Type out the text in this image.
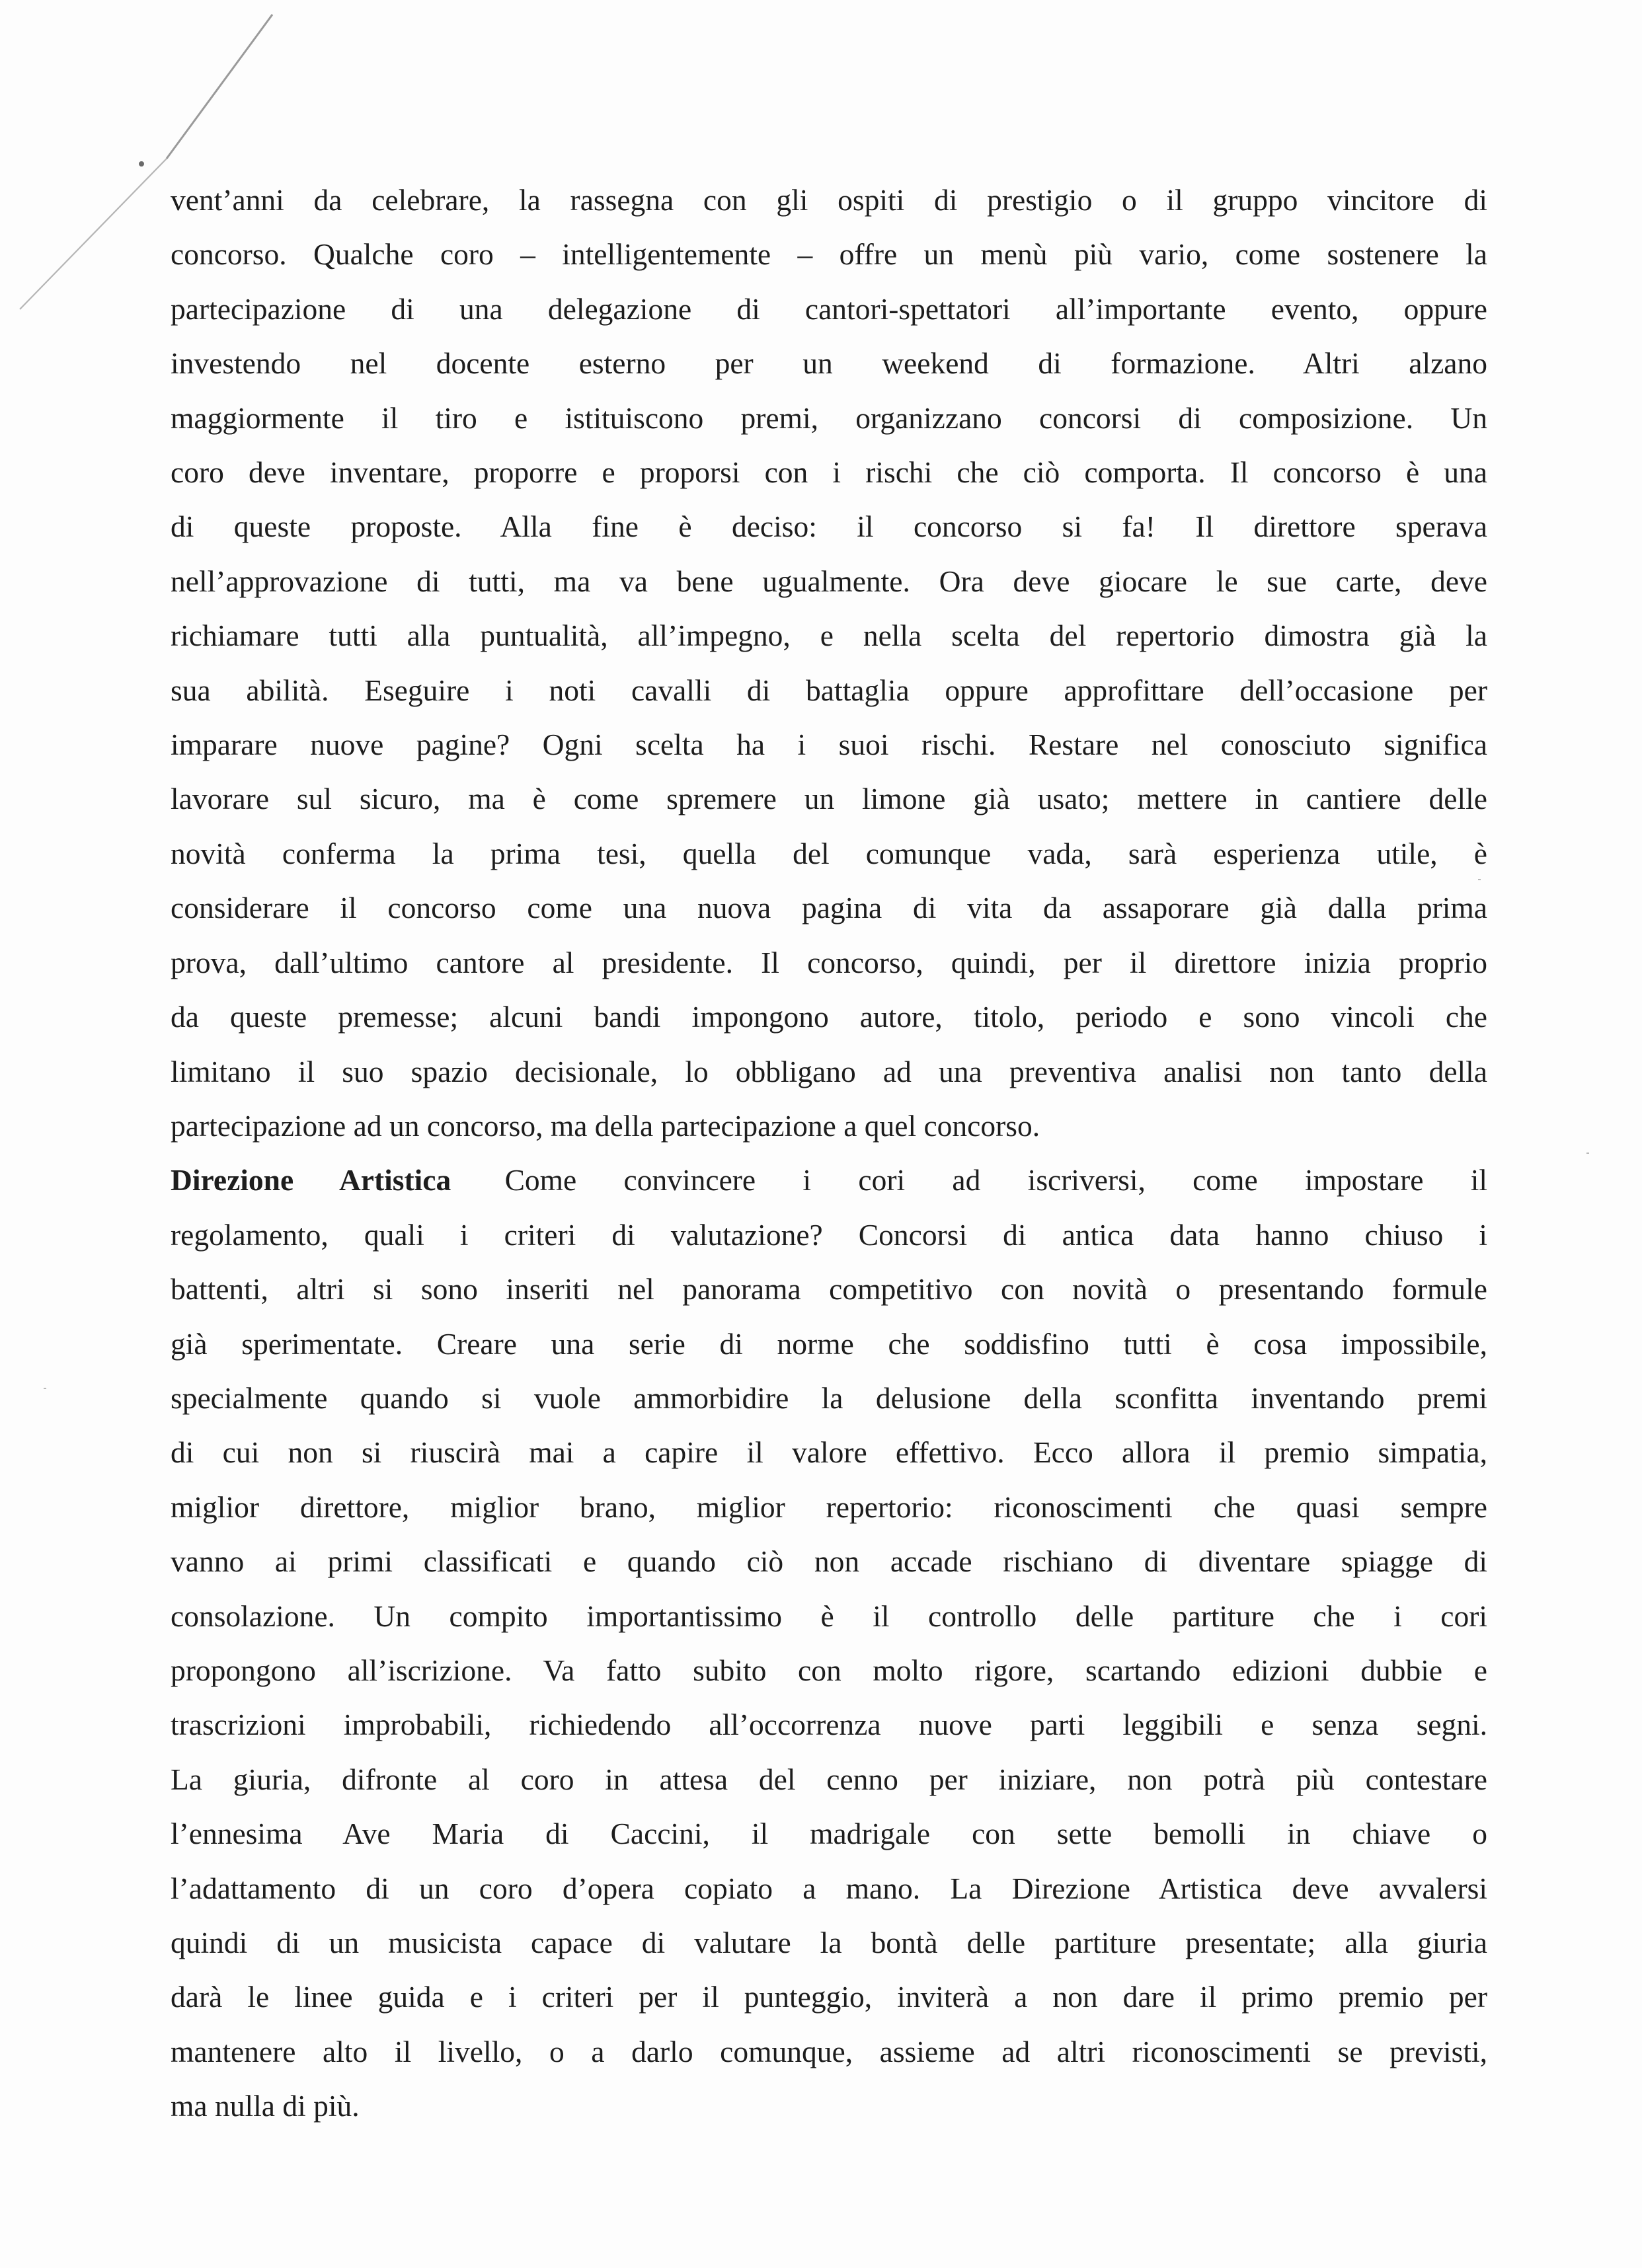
vent’anni da celebrare, la rassegna con gli ospiti di prestigio o il gruppo vincitore di
concorso. Qualche coro – intelligentemente – offre un menù più vario, come sostenere la
partecipazione di una delegazione di cantori-spettatori all’importante evento, oppure
investendo nel docente esterno per un weekend di formazione. Altri alzano
maggiormente il tiro e istituiscono premi, organizzano concorsi di composizione. Un
coro deve inventare, proporre e proporsi con i rischi che ciò comporta. Il concorso è una
di queste proposte. Alla fine è deciso: il concorso si fa! Il direttore sperava
nell’approvazione di tutti, ma va bene ugualmente. Ora deve giocare le sue carte, deve
richiamare tutti alla puntualità, all’impegno, e nella scelta del repertorio dimostra già la
sua abilità. Eseguire i noti cavalli di battaglia oppure approfittare dell’occasione per
imparare nuove pagine? Ogni scelta ha i suoi rischi. Restare nel conosciuto significa
lavorare sul sicuro, ma è come spremere un limone già usato; mettere in cantiere delle
novità conferma la prima tesi, quella del comunque vada, sarà esperienza utile, è
considerare il concorso come una nuova pagina di vita da assaporare già dalla prima
prova, dall’ultimo cantore al presidente. Il concorso, quindi, per il direttore inizia proprio
da queste premesse; alcuni bandi impongono autore, titolo, periodo e sono vincoli che
limitano il suo spazio decisionale, lo obbligano ad una preventiva analisi non tanto della
partecipazione ad un concorso, ma della partecipazione a quel concorso.

Direzione Artistica Come convincere i cori ad iscriversi, come impostare il
regolamento, quali i criteri di valutazione? Concorsi di antica data hanno chiuso i
battenti, altri si sono inseriti nel panorama competitivo con novità o presentando formule
già sperimentate. Creare una serie di norme che soddisfino tutti è cosa impossibile,
specialmente quando si vuole ammorbidire la delusione della sconfitta inventando premi
di cui non si riuscirà mai a capire il valore effettivo. Ecco allora il premio simpatia,
miglior direttore, miglior brano, miglior repertorio: riconoscimenti che quasi sempre
vanno ai primi classificati e quando ciò non accade rischiano di diventare spiagge di
consolazione. Un compito importantissimo è il controllo delle partiture che i cori
propongono all’iscrizione. Va fatto subito con molto rigore, scartando edizioni dubbie e
trascrizioni improbabili, richiedendo all’occorrenza nuove parti leggibili e senza segni.
La giuria, difronte al coro in attesa del cenno per iniziare, non potrà più contestare
l’ennesima Ave Maria di Caccini, il madrigale con sette bemolli in chiave o
l’adattamento di un coro d’opera copiato a mano. La Direzione Artistica deve avvalersi
quindi di un musicista capace di valutare la bontà delle partiture presentate; alla giuria
darà le linee guida e i criteri per il punteggio, inviterà a non dare il primo premio per
mantenere alto il livello, o a darlo comunque, assieme ad altri riconoscimenti se previsti,
ma nulla di più.
